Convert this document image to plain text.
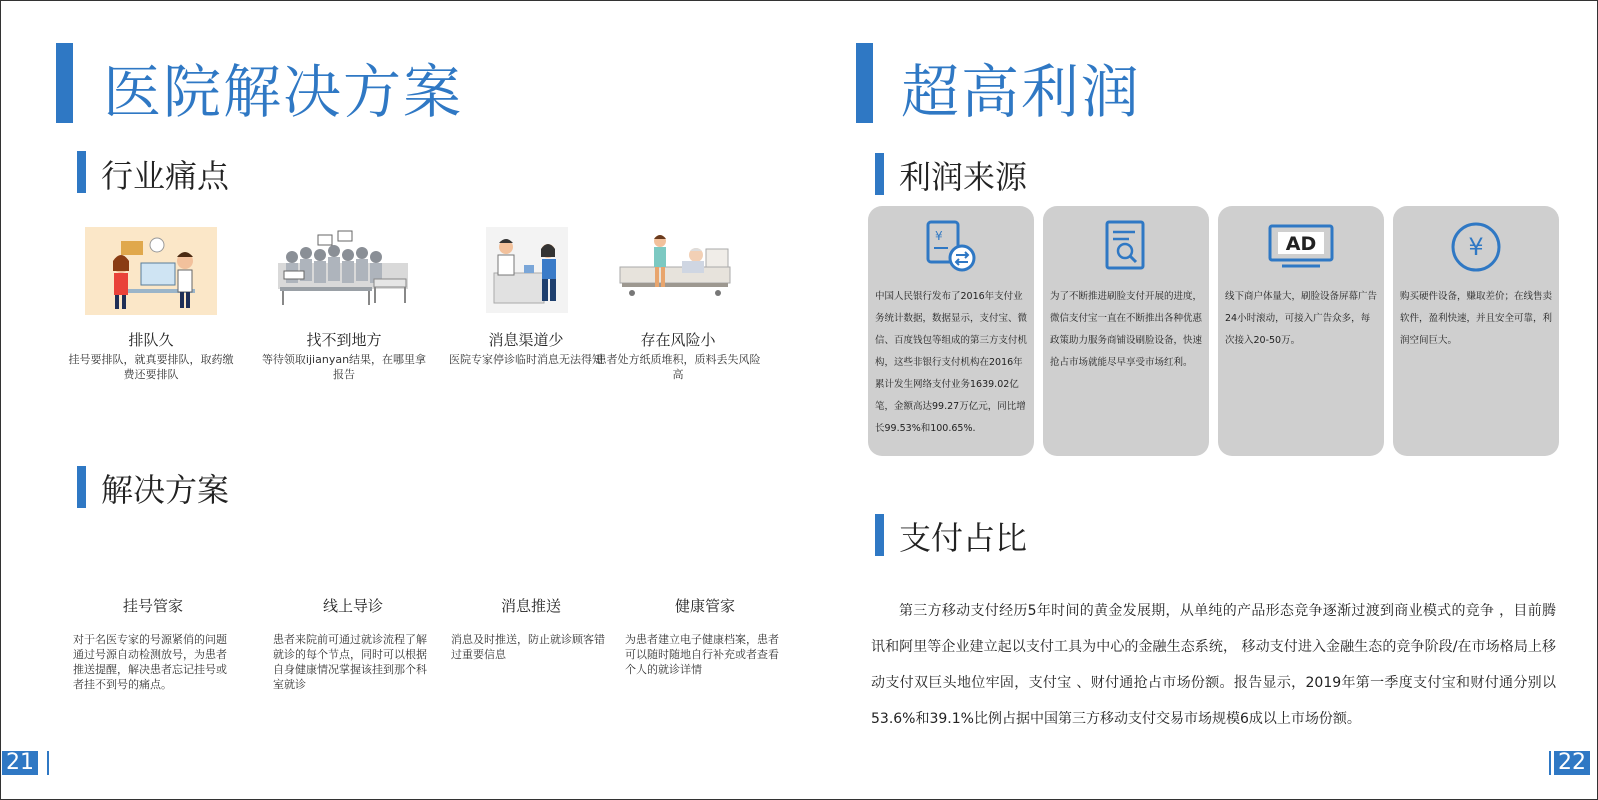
医院解决方案
行业痛点
排队久
挂号要排队，就真要排队，取药缴费还要排队
找不到地方
等待领取ijianyan结果，在哪里拿报告
消息渠道少
医院专家停诊临时消息无法得知
存在风险小
患者处方纸质堆积，质料丢失风险高
解决方案
挂号管家
对于名医专家的号源紧俏的问题通过号源自动检测放号，为患者推送提醒，解决患者忘记挂号或者挂不到号的痛点。
线上导诊
患者来院前可通过就诊流程了解就诊的每个节点，同时可以根据自身健康情况掌握该挂到那个科室就诊
消息推送
消息及时推送，防止就诊顾客错过重要信息
健康管家
为患者建立电子健康档案，患者可以随时随地自行补充或者查看个人的就诊详情
21
超高利润
利润来源
¥
中国人民银行发布了2016年支付业务统计数据，数据显示，支付宝、微信、百度钱包等组成的第三方支付机构，这些非银行支付机构在2016年累计发生网络支付业务1639.02亿笔，金额高达99.27万亿元，同比增长99.53%和100.65%.
为了不断推进刷脸支付开展的进度，微信支付宝一直在不断推出各种优惠政策助力服务商铺设刷脸设备，快速抢占市场就能尽早享受市场红利。
AD
线下商户体量大，刷脸设备屏幕广告24小时滚动，可接入广告众多，每次接入20-50万。
¥
购买硬件设备，赚取差价；在线售卖软件，盈利快速，并且安全可靠，利润空间巨大。
支付占比
第三方移动支付经历5年时间的黄金发展期，从单纯的产品形态竞争逐渐过渡到商业模式的竞争 ，目前腾讯和阿里等企业建立起以支付工具为中心的金融生态系统， 移动支付进入金融生态的竞争阶段/在市场格局上移动支付双巨头地位牢固，支付宝 、财付通抢占市场份额。报告显示，2019年第一季度支付宝和财付通分别以53.6%和39.1%比例占据中国第三方移动支付交易市场规模6成以上市场份额。
22
